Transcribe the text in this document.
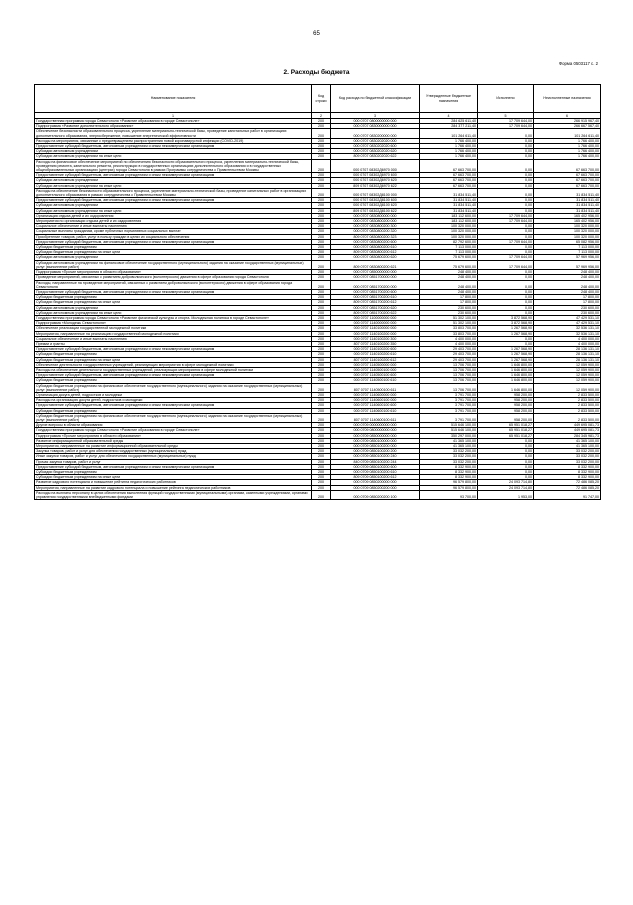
65
Форма 0503117 с. 2
2. Расходы бюджета
Наименование показателя	Код строки	Код расхода по бюджетной классификации	Утвержденные бюджетные назначения	Исполнено	Неисполненные назначения
1	2	3	4	5	6
Государственная программа города Севастополя «Развитие образования в городе Севастополе»	200	000 0707 0800000000 000	284 625 611,40	17 709 644,00	266 915 967,40
Подпрограмма «Развитие дополнительного образования»	200	000 0707 0830000000 000	284 377 211,40	17 709 644,00	266 667 567,40
Обеспечение безопасности образовательного процесса, укрепление материально-технической базы, проведение капитальных работ в организациях дополнительного образования, энергосбережение, повышение энергетической эффективности	200	000 0707 0830200000 000	101 264 611,40	0,00	101 264 611,40
Расходы на мероприятия, связанные с предотвращением распространения новой коронавирусной инфекции (COVID-2019)	200	000 0707 0830202020 000	1 766 400,00	0,00	1 766 400,00
Предоставление субсидий бюджетным, автономным учреждениям и иным некоммерческим организациям	200	000 0707 0830202020 600	1 766 400,00	0,00	1 766 400,00
Субсидии автономным учреждениям	200	000 0707 0830202020 620	1 766 400,00	0,00	1 766 400,00
Субсидии автономным учреждениям на иные цели	200	809 0707 0830202020 622	1 766 400,00	0,00	1 766 400,00
Расходы на финансовое обеспечение мероприятий по обеспечению безопасности образовательного процесса, укреплению материально-технической базы, проведению ремонта, капитального ремонта, реконструкции в государственных организациях дополнительного образования и в государственных общеобразовательных организациях (центрах) города Севастополя в рамках Программы сотрудничества с Правительством Москвы	200	000 0707 08302Д6970 000	67 663 700,00	0,00	67 663 700,00
Предоставление субсидий бюджетным, автономным учреждениям и иным некоммерческим организациям	200	000 0707 08302Д6970 600	67 663 700,00	0,00	67 663 700,00
Субсидии автономным учреждениям	200	000 0707 08302Д6970 620	67 663 700,00	0,00	67 663 700,00
Субсидии автономным учреждениям на иные цели	200	809 0707 08302Д6970 622	67 663 700,00	0,00	67 663 700,00
Расходы на обеспечение безопасности образовательного процесса, укрепление материально-технической базы, проведение капитальных работ в организациях дополнительного образования в рамках сотрудничества с Правительством Москвы	200	000 0707 08302Д8100 000	31 834 511,40	0,00	31 834 511,40
Предоставление субсидий бюджетным, автономным учреждениям и иным некоммерческим организациям	200	000 0707 08302Д8100 600	31 834 511,40	0,00	31 834 511,40
Субсидии автономным учреждениям	200	000 0707 08302Д8100 620	31 834 511,40	0,00	31 834 511,40
Субсидии автономным учреждениям на иные цели	200	809 0707 08302Д8100 622	31 834 511,40	0,00	31 834 511,40
Организация отдыха детей и их оздоровления	200	000 0707 0830800000 000	183 112 600,00	17 709 644,00	165 402 956,00
Мероприятия по организации отдыха детей и их оздоровления	200	000 0707 0830800200 000	183 112 600,00	17 709 644,00	165 402 956,00
Социальное обеспечение и иные выплаты населению	200	000 0707 0830800200 300	100 320 000,00	0,00	100 320 000,00
Социальные выплаты гражданам, кроме публичных нормативных социальных выплат	200	000 0707 0830800200 320	100 320 000,00	0,00	100 320 000,00
Приобретение товаров, работ, услуг в пользу граждан в целях их социального обеспечения	200	809 0707 0830800200 323	100 320 000,00	0,00	100 320 000,00
Предоставление субсидий бюджетным, автономным учреждениям и иным некоммерческим организациям	200	000 0707 0830800200 600	82 792 600,00	17 709 644,00	65 082 956,00
Субсидии бюджетным учреждениям	200	000 0707 0830800200 610	7 113 000,00	0,00	7 113 000,00
Субсидии бюджетным учреждениям на иные цели	200	809 0707 0830800200 612	7 113 000,00	0,00	7 113 000,00
Субсидии автономным учреждениям	200	000 0707 0830800200 620	75 679 600,00	17 709 644,00	57 969 956,00
Субсидии автономным учреждениям на финансовое обеспечение государственного (муниципального) задания на оказание государственных (муниципальных) услуг (выполнение работ)	200	809 0707 0830800200 621	75 679 600,00	17 709 644,00	57 969 956,00
Подпрограмма «Прочие мероприятия в области образования»	200	000 0707 0850000000 000	248 400,00	0,00	248 400,00
Проведение мероприятий, связанных с развитием добровольческого (волонтерского) движения в сфере образования города Севастополя	200	000 0707 0851700000 000	248 400,00	0,00	248 400,00
Расходы, направленные на проведение мероприятий, связанных с развитием добровольческого (волонтерского) движения в сфере образования города Севастополя	200	000 0707 0851700200 000	248 400,00	0,00	248 400,00
Предоставление субсидий бюджетным, автономным учреждениям и иным некоммерческим организациям	200	000 0707 0851700200 600	248 400,00	0,00	248 400,00
Субсидии бюджетным учреждениям	200	000 0707 0851700200 610	17 800,00	0,00	17 800,00
Субсидии бюджетным учреждениям на иные цели	200	809 0707 0851700200 612	17 800,00	0,00	17 800,00
Субсидии автономным учреждениям	200	000 0707 0851700200 620	230 600,00	0,00	230 600,00
Субсидии автономным учреждениям на иные цели	200	809 0707 0851700200 622	230 600,00	0,00	230 600,00
Государственная программа города Севастополя «Развитие физической культуры и спорта. Молодежная политика в городе Севастополе»	200	000 0707 1100000000 000	51 302 100,00	3 872 568,90	47 429 531,10
Подпрограмма «Молодежь Севастополя»	200	000 0707 1140000000 000	51 302 100,00	3 872 568,90	47 429 531,10
Обеспечение реализации государственной молодежной политики	200	000 0707 1140100000 000	33 803 700,00	1 267 568,90	32 536 131,10
Мероприятия, направленные на реализацию государственной молодежной политики	200	000 0707 1140100200 000	33 803 700,00	1 267 568,90	32 536 131,10
Социальное обеспечение и иные выплаты населению	200	000 0707 1140100200 300	4 400 000,00	0,00	4 400 000,00
Премии и гранты	200	807 0707 1140100200 350	4 400 000,00	0,00	4 400 000,00
Предоставление субсидий бюджетным, автономным учреждениям и иным некоммерческим организациям	200	000 0707 1140100200 600	29 403 700,00	1 267 568,90	28 136 131,10
Субсидии бюджетным учреждениям	200	000 0707 1140100200 610	29 403 700,00	1 267 568,90	28 136 131,10
Субсидии бюджетным учреждениям на иные цели	200	807 0707 1140100200 612	29 403 700,00	1 267 568,90	28 136 131,10
Обеспечение деятельности государственных учреждений, реализующих мероприятия в сфере молодежной политики	200	000 0707 1140500000 000	13 706 700,00	1 646 800,00	12 059 900,00
Расходы на обеспечение деятельности государственных учреждений, реализующих мероприятия в сфере молодежной политики	200	000 0707 1140500100 000	13 706 700,00	1 646 800,00	12 059 900,00
Предоставление субсидий бюджетным, автономным учреждениям и иным некоммерческим организациям	200	000 0707 1140500100 600	13 706 700,00	1 646 800,00	12 059 900,00
Субсидии бюджетным учреждениям	200	000 0707 1140500100 610	13 706 700,00	1 646 800,00	12 059 900,00
Субсидии бюджетным учреждениям на финансовое обеспечение государственного (муниципального) задания на оказание государственных (муниципальных) услуг (выполнение работ)	200	807 0707 1140500100 611	13 706 700,00	1 646 800,00	12 059 900,00
Организация досуга детей, подростков и молодежи	200	000 0707 1140600000 000	3 791 700,00	958 200,00	2 833 500,00
Расходы на организацию досуга детей, подростков и молодежи	200	000 0707 1140600100 000	3 791 700,00	958 200,00	2 833 500,00
Предоставление субсидий бюджетным, автономным учреждениям и иным некоммерческим организациям	200	000 0707 1140600100 600	3 791 700,00	958 200,00	2 833 500,00
Субсидии бюджетным учреждениям	200	000 0707 1140600100 610	3 791 700,00	958 200,00	2 833 500,00
Субсидии бюджетным учреждениям на финансовое обеспечение государственного (муниципального) задания на оказание государственных (муниципальных) услуг (выполнение работ)	200	807 0707 1140600100 611	3 791 700,00	958 200,00	2 833 500,00
Другие вопросы в области образования	200	000 0709 0000000000 000	515 646 100,00	65 951 018,27	449 695 081,73
Государственная программа города Севастополя «Развитие образования в городе Севастополе»	200	000 0709 0800000000 000	515 646 100,00	65 951 018,27	449 695 081,73
Подпрограмма «Прочие мероприятия в области образования»	200	000 0709 0850000000 000	350 297 000,00	65 951 018,27	284 345 981,73
Развитие информационной образовательной среды	200	000 0709 0850100000 000	41 365 100,00	0,00	41 365 100,00
Мероприятия, направленные на развитие информационной образовательной среды	200	000 0709 0850100200 000	41 365 100,00	0,00	41 365 100,00
Закупка товаров, работ и услуг для обеспечения государственных (муниципальных) нужд	200	000 0709 0850100200 200	33 032 200,00	0,00	33 032 200,00
Иные закупки товаров, работ и услуг для обеспечения государственных (муниципальных) нужд	200	000 0709 0850100200 240	33 032 200,00	0,00	33 032 200,00
Прочая закупка товаров, работ и услуг	200	840 0709 0850100200 244	33 032 200,00	0,00	33 032 200,00
Предоставление субсидий бюджетным, автономным учреждениям и иным некоммерческим организациям	200	000 0709 0850100200 600	8 332 900,00	0,00	8 332 900,00
Субсидии бюджетным учреждениям	200	000 0709 0850100200 610	8 332 900,00	0,00	8 332 900,00
Субсидии бюджетным учреждениям на иные цели	200	809 0709 0850100200 612	8 332 900,00	0,00	8 332 900,00
Развитие кадрового потенциала и повышение рейтинга педагогических работников	200	000 0709 0850200000 000	96 579 800,00	24 093 714,80	72 486 085,20
Мероприятия, направленные на развитие кадрового потенциала и повышение рейтинга педагогических работников	200	000 0709 0850200200 000	96 579 800,00	24 093 714,80	72 486 085,20
Расходы на выплаты персоналу в целях обеспечения выполнения функций государственными (муниципальными) органами, казенными учреждениями, органами управления государственными внебюджетными фондами	200	000 0709 0850200200 100	93 700,00	1 953,00	91 747,00
